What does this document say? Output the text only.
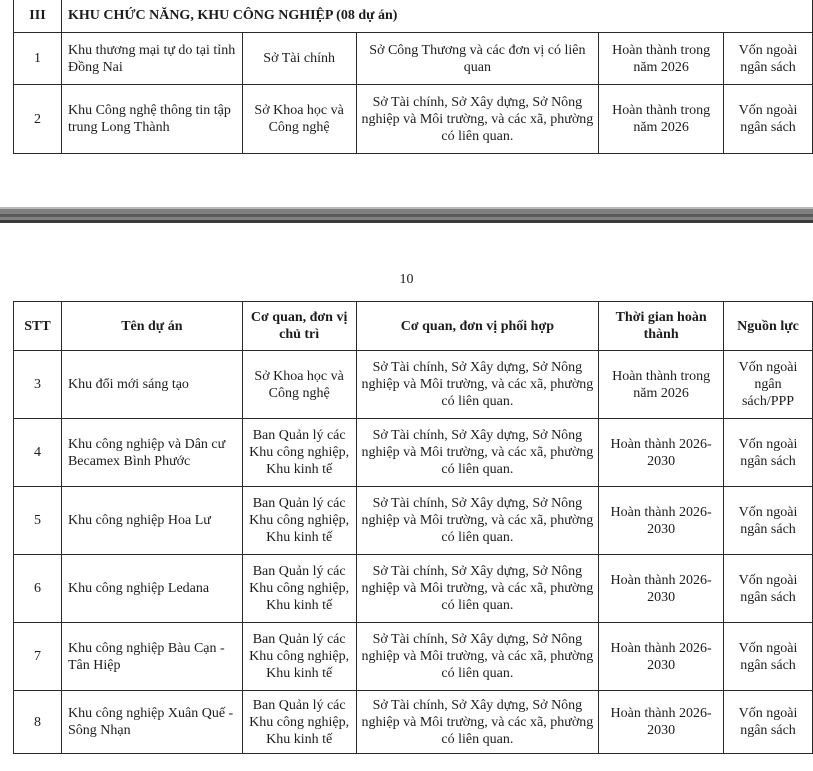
III	KHU CHỨC NĂNG, KHU CÔNG NGHIỆP (08 dự án)				
1	Khu thương mại tự do tại tỉnh Đồng Nai	Sở Tài chính	Sở Công Thương và các đơn vị có liên quan	Hoàn thành trong năm 2026	Vốn ngoài ngân sách
2	Khu Công nghệ thông tin tập trung Long Thành	Sở Khoa học và Công nghệ	Sở Tài chính, Sở Xây dựng, Sở Nông nghiệp và Môi trường, và các xã, phường có liên quan.	Hoàn thành trong năm 2026	Vốn ngoài ngân sách
10
STT	Tên dự án	Cơ quan, đơn vị chủ trì	Cơ quan, đơn vị phối hợp	Thời gian hoàn thành	Nguồn lực
3	Khu đổi mới sáng tạo	Sở Khoa học và Công nghệ	Sở Tài chính, Sở Xây dựng, Sở Nông nghiệp và Môi trường, và các xã, phường có liên quan.	Hoàn thành trong năm 2026	Vốn ngoài ngân sách/PPP
4	Khu công nghiệp và Dân cư Becamex Bình Phước	Ban Quản lý các Khu công nghiệp, Khu kinh tế	Sở Tài chính, Sở Xây dựng, Sở Nông nghiệp và Môi trường, và các xã, phường có liên quan.	Hoàn thành 2026-2030	Vốn ngoài ngân sách
5	Khu công nghiệp Hoa Lư	Ban Quản lý các Khu công nghiệp, Khu kinh tế	Sở Tài chính, Sở Xây dựng, Sở Nông nghiệp và Môi trường, và các xã, phường có liên quan.	Hoàn thành 2026-2030	Vốn ngoài ngân sách
6	Khu công nghiệp Ledana	Ban Quản lý các Khu công nghiệp, Khu kinh tế	Sở Tài chính, Sở Xây dựng, Sở Nông nghiệp và Môi trường, và các xã, phường có liên quan.	Hoàn thành 2026-2030	Vốn ngoài ngân sách
7	Khu công nghiệp Bàu Cạn - Tân Hiệp	Ban Quản lý các Khu công nghiệp, Khu kinh tế	Sở Tài chính, Sở Xây dựng, Sở Nông nghiệp và Môi trường, và các xã, phường có liên quan.	Hoàn thành 2026-2030	Vốn ngoài ngân sách
8	Khu công nghiệp Xuân Quế - Sông Nhạn	Ban Quản lý các Khu công nghiệp, Khu kinh tế	Sở Tài chính, Sở Xây dựng, Sở Nông nghiệp và Môi trường, và các xã, phường có liên quan.	Hoàn thành 2026-2030	Vốn ngoài ngân sách
